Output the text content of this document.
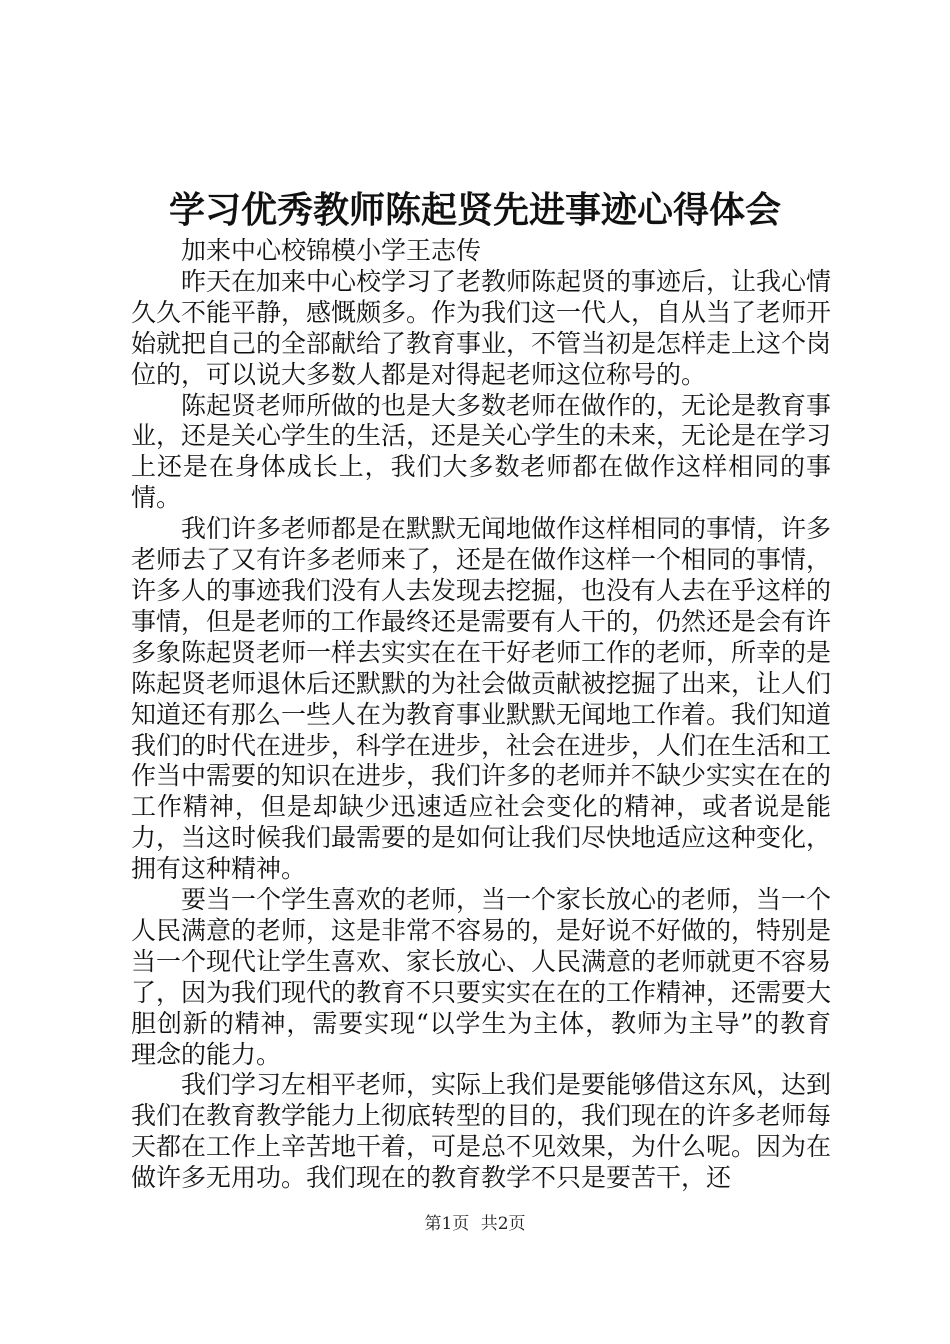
学习优秀教师陈起贤先进事迹心得体会

加来中心校锦模小学王志传

昨天在加来中心校学习了老教师陈起贤的事迹后，让我心情久久不能平静，感慨颇多。作为我们这一代人，自从当了老师开始就把自己的全部献给了教育事业，不管当初是怎样走上这个岗位的，可以说大多数人都是对得起老师这位称号的。

陈起贤老师所做的也是大多数老师在做作的，无论是教育事业，还是关心学生的生活，还是关心学生的未来，无论是在学习上还是在身体成长上，我们大多数老师都在做作这样相同的事情。

我们许多老师都是在默默无闻地做作这样相同的事情，许多老师去了又有许多老师来了，还是在做作这样一个相同的事情，许多人的事迹我们没有人去发现去挖掘，也没有人去在乎这样的事情，但是老师的工作最终还是需要有人干的，仍然还是会有许多象陈起贤老师一样去实实在在干好老师工作的老师，所幸的是陈起贤老师退休后还默默的为社会做贡献被挖掘了出来，让人们知道还有那么一些人在为教育事业默默无闻地工作着。我们知道我们的时代在进步，科学在进步，社会在进步，人们在生活和工作当中需要的知识在进步，我们许多的老师并不缺少实实在在的工作精神，但是却缺少迅速适应社会变化的精神，或者说是能力，当这时候我们最需要的是如何让我们尽快地适应这种变化，拥有这种精神。

要当一个学生喜欢的老师，当一个家长放心的老师，当一个人民满意的老师，这是非常不容易的，是好说不好做的，特别是当一个现代让学生喜欢、家长放心、人民满意的老师就更不容易了，因为我们现代的教育不只要实实在在的工作精神，还需要大胆创新的精神，需要实现“以学生为主体，教师为主导”的教育理念的能力。

我们学习左相平老师，实际上我们是要能够借这东风，达到我们在教育教学能力上彻底转型的目的，我们现在的许多老师每天都在工作上辛苦地干着，可是总不见效果，为什么呢。因为在做许多无用功。我们现在的教育教学不只是要苦干，还

第1页 共2页
